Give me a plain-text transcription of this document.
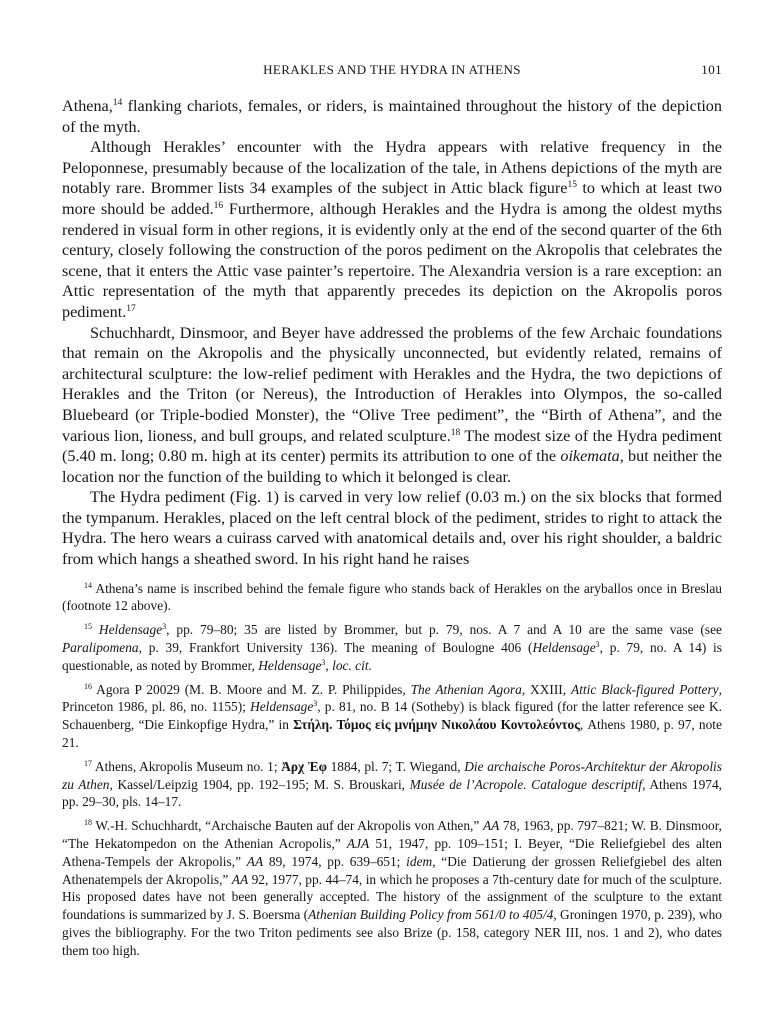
HERAKLES AND THE HYDRA IN ATHENS	101

Athena,$^{14}$ flanking chariots, females, or riders, is maintained throughout the history of the depiction of the myth.

Although Herakles’ encounter with the Hydra appears with relative frequency in the Peloponnese, presumably because of the localization of the tale, in Athens depictions of the myth are notably rare. Brommer lists 34 examples of the subject in Attic black figure$^{15}$ to which at least two more should be added.$^{16}$ Furthermore, although Herakles and the Hydra is among the oldest myths rendered in visual form in other regions, it is evidently only at the end of the second quarter of the 6th century, closely following the construction of the poros pediment on the Akropolis that celebrates the scene, that it enters the Attic vase painter’s repertoire. The Alexandria version is a rare exception: an Attic representation of the myth that apparently precedes its depiction on the Akropolis poros pediment.$^{17}$

Schuchhardt, Dinsmoor, and Beyer have addressed the problems of the few Archaic foundations that remain on the Akropolis and the physically unconnected, but evidently related, remains of architectural sculpture: the low-relief pediment with Herakles and the Hydra, the two depictions of Herakles and the Triton (or Nereus), the Introduction of Herakles into Olympos, the so-called Bluebeard (or Triple-bodied Monster), the “Olive Tree pediment”, the “Birth of Athena”, and the various lion, lioness, and bull groups, and related sculpture.$^{18}$ The modest size of the Hydra pediment (5.40 m. long; 0.80 m. high at its center) permits its attribution to one of the oikemata, but neither the location nor the function of the building to which it belonged is clear.

The Hydra pediment (Fig. 1) is carved in very low relief (0.03 m.) on the six blocks that formed the tympanum. Herakles, placed on the left central block of the pediment, strides to right to attack the Hydra. The hero wears a cuirass carved with anatomical details and, over his right shoulder, a baldric from which hangs a sheathed sword. In his right hand he raises

$^{14}$ Athena’s name is inscribed behind the female figure who stands back of Herakles on the aryballos once in Breslau (footnote 12 above).

$^{15}$ Heldensage$^3$, pp. 79–80; 35 are listed by Brommer, but p. 79, nos. A 7 and A 10 are the same vase (see Paralipomena, p. 39, Frankfort University 136). The meaning of Boulogne 406 (Heldensage$^3$, p. 79, no. A 14) is questionable, as noted by Brommer, Heldensage$^3$, loc. cit.

$^{16}$ Agora P 20029 (M. B. Moore and M. Z. P. Philippides, The Athenian Agora, XXIII, Attic Black-figured Pottery, Princeton 1986, pl. 86, no. 1155); Heldensage$^3$, p. 81, no. B 14 (Sotheby) is black figured (for the latter reference see K. Schauenberg, “Die Einkopfige Hydra,” in Στήλη. Τόμος εἰς μνήμην Νικολάου Κοντολεόντος, Athens 1980, p. 97, note 21.

$^{17}$ Athens, Akropolis Museum no. 1; Ἀρχ Ἐφ 1884, pl. 7; T. Wiegand, Die archaische Poros-Architektur der Akropolis zu Athen, Kassel/Leipzig 1904, pp. 192–195; M. S. Brouskari, Musée de l’Acropole. Catalogue descriptif, Athens 1974, pp. 29–30, pls. 14–17.

$^{18}$ W.-H. Schuchhardt, “Archaische Bauten auf der Akropolis von Athen,” AA 78, 1963, pp. 797–821; W. B. Dinsmoor, “The Hekatompedon on the Athenian Acropolis,” AJA 51, 1947, pp. 109–151; I. Beyer, “Die Reliefgiebel des alten Athena-Tempels der Akropolis,” AA 89, 1974, pp. 639–651; idem, “Die Datierung der grossen Reliefgiebel des alten Athenatempels der Akropolis,” AA 92, 1977, pp. 44–74, in which he proposes a 7th-century date for much of the sculpture. His proposed dates have not been generally accepted. The history of the assignment of the sculpture to the extant foundations is summarized by J. S. Boersma (Athenian Building Policy from 561/0 to 405/4, Groningen 1970, p. 239), who gives the bibliography. For the two Triton pediments see also Brize (p. 158, category NER III, nos. 1 and 2), who dates them too high.
